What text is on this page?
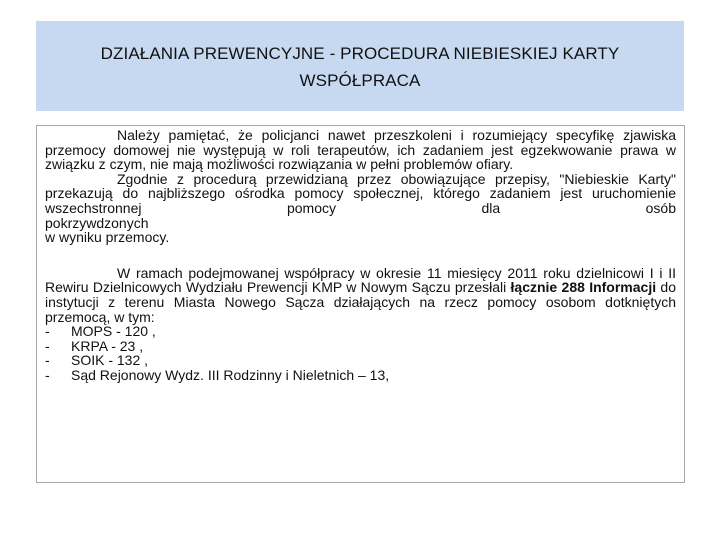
DZIAŁANIA PREWENCYJNE - PROCEDURA NIEBIESKIEJ KARTY
WSPÓŁPRACA

Należy pamiętać, że policjanci nawet przeszkoleni i rozumiejący specyfikę zjawiska przemocy domowej nie występują w roli terapeutów, ich zadaniem jest egzekwowanie prawa w związku z czym, nie mają możliwości rozwiązania w pełni problemów ofiary.

Zgodnie z procedurą przewidzianą przez obowiązujące przepisy, "Niebieskie Karty" przekazują do najbliższego ośrodka pomocy społecznej, którego zadaniem jest uruchomienie wszechstronnej pomocy dla osób

pokrzywdzonych

w wyniku przemocy.

W ramach podejmowanej współpracy w okresie 11 miesięcy 2011 roku dzielnicowi I i II Rewiru Dzielnicowych Wydziału Prewencji KMP w Nowym Sączu przesłali łącznie 288 Informacji do instytucji z terenu Miasta Nowego Sącza działających na rzecz pomocy osobom dotkniętych przemocą, w tym:

-	MOPS - 120 ,
-	KRPA - 23 ,
-	SOIK - 132 ,
-	Sąd Rejonowy Wydz. III Rodzinny i Nieletnich – 13,
